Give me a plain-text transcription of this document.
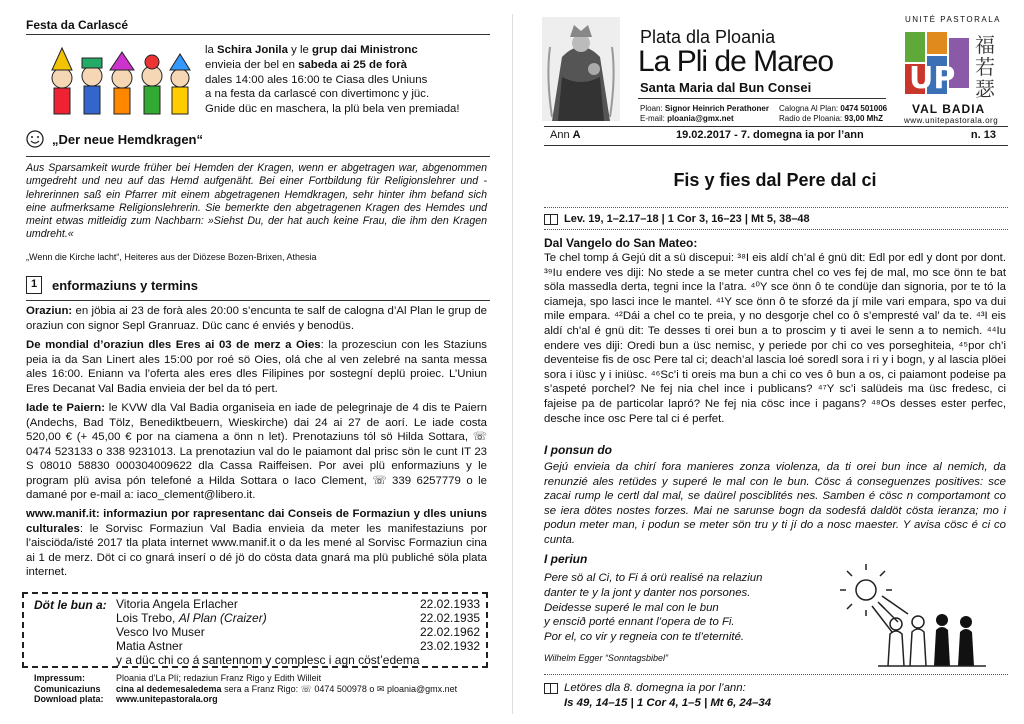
Festa da Carlascé
la Schira Jonila y le grup dai Ministronc
envieia der bel en sabeda ai 25 de forà
dales 14:00 ales 16:00 te Ciasa dles Uniuns
a na festa da carlascé con divertimonc y jüc.
Gnide düc en maschera, la plü bela ven premiada!
„Der neue Hemdkragen“
Aus Sparsamkeit wurde früher bei Hemden der Kragen, wenn er abgetragen war, abgenommen umgedreht und neu auf das Hemd aufgenäht. Bei einer Fortbildung für Religionslehrer und -lehrerinnen saß ein Pfarrer mit einem abgetragenen Hemdkragen, sehr hinter ihm befand sich eine aufmerksame Religionslehrerin. Sie bemerkte den abgetragenen Kragen des Hemdes und meint etwas mitleidig zum Nachbarn: »Siehst Du, der hat auch keine Frau, die ihm den Kragen umdreht.«
„Wenn die Kirche lacht“, Heiteres aus der Diözese Bozen-Brixen, Athesia
1	enformaziuns y termins
Oraziun: en jöbia ai 23 de forà ales 20:00 s’encunta te salf de calogna d’Al Plan le grup de oraziun con signor Sepl Granruaz. Düc canc é enviés y benodüs.
De mondial d’oraziun dles Eres ai 03 de merz a Oies: la prozesciun con les Staziuns peia ia da San Linert ales 15:00 por roé sö Oies, olá che al ven zelebré na santa messa ales 16:00. Eniann va l’oferta ales eres dles Filipines por sostegní deplü proiec. L’Uniun Eres Decanat Val Badia envieia der bel da tó pert.
Iade te Paiern: le KVW dla Val Badia organiseia en iade de pelegrinaje de 4 dis te Paiern (Andechs, Bad Tölz, Benediktbeuern, Wieskirche) dai 24 ai 27 de aorí. Le iade costa 520,00 € (+ 45,00 € por na ciamena a önn n let). Prenotaziuns tól sö Hilda Sottara, ☏ 0474 523133 o 338 9231013. La prenotaziun val do le paiamont dal prisc sön le cunt IT 23 S 08010 58830 000304009622 dla Cassa Raiffeisen. Por avei plü enformaziuns y le program plü avisa pón telefoné a Hilda Sottara o Iaco Clement, ☏ 339 6257779 o le damané por e-mail a: iaco_clement@libero.it.
www.manif.it: informaziun por rapresentanc dai Conseis de Formaziun y dles uniuns culturales: le Sorvisc Formaziun Val Badia envieia da meter les manifestaziuns por l’aisciöda/isté 2017 tla plata internet www.manif.it o da les mené al Sorvisc Formaziun cina ai 1 de merz. Döt ci co gnará inserí o dé jö do cösta data gnará ma plü publiché söla plata internet.
Döt le bun a: Vitoria Angela Erlacher	22.02.1933
Lois Trebo, Al Plan (Craizer)	22.02.1935
Vesco Ivo Muser	22.02.1962
Matia Astner	23.02.1932
y a düc chi co á santennom y complesc i agn cöst’edema
Impressum:	Ploania d’La Plí; redaziun Franz Rigo y Edith Willeit
Comunicaziuns cina al dedemesaledema sera a Franz Rigo: ☏ 0474 500978 o ✉ ploania@gmx.net
Download plata: www.unitepastorala.org
Plata dla Ploania
La Pli de Mareo
Santa Maria dal Bun Consei
Ploan: Signor Heinrich Perathoner
E-mail: ploania@gmx.net
Calogna Al Plan: 0474 501006
Radio de Ploania: 93,00 MhZ
UNITÉ PASTORALA
UP
福
若
瑟
VAL BADIA
www.unitepastorala.org
Ann A	19.02.2017 - 7. domegna ia por l’ann	n. 13
Fis y fies dal Pere dal ci
Lev. 19, 1–2.17–18 | 1 Cor 3, 16–23 | Mt 5, 38–48
Dal Vangelo do San Mateo:
Te chel tomp á Gejú dit a sü discepui: ³⁸I eis aldí ch’al é gnü dit: Edl por edl y dont por dont. ³⁹Iu endere ves diji: No stede a se meter cuntra chel co ves fej de mal, mo sce önn te bat söla massedla derta, tegni ince la l’atra. ⁴⁰Y sce önn ô te condüje dan signoria, por te tó la ciameja, spo lasci ince le mantel. ⁴¹Y sce önn ô te sforzé da jí mile vari empara, spo va dui mile empara. ⁴²Dái a chel co te preia, y no desgorje chel co ô s’empresté val’ da te. ⁴³I eis aldí ch’al é gnü dit: Te desses ti orei bun a to proscim y ti avei le senn a to nemich. ⁴⁴Iu endere ves diji: Oredi bun a üsc nemisc, y periede por chi co ves porseghiteia, ⁴⁵por ch’i deventeise fis de osc Pere tal ci; deach’al lascia loé soredl sora i ri y i bogn, y al lascia plöei sora i iüsc y i iniüsc. ⁴⁶Sc’i ti oreis ma bun a chi co ves ô bun a os, ci paiamont podeise pa s’aspeté porchel? Ne fej nia chel ince i publicans? ⁴⁷Y sc’i salüdeis ma üsc fredesc, ci fajeise pa de particolar lapró? Ne fej nia cösc ince i pagans? ⁴⁸Os desses ester perfec, desche ince osc Pere tal ci é perfet.
I ponsun do
Gejú envieia da chirí fora manieres zonza violenza, da ti orei bun ince al nemich, da renunzié ales retüdes y superé le mal con le bun. Cösc á conseguenzes positives: sce zacai rump le certl dal mal, se daürel posciblités nes. Samben é cösc n comportamont co se iera dötes nostes forzes. Mai ne sarunse bogn da sodesfá daldöt cösta ieranza; mo i podun meter man, i podun se meter sön tru y ti jí do a nosc maester. Y avisa cösc é ci co cunta.
I periun
Pere sö al Ci, to Fi á orü realisé na relaziun
danter te y la jont y danter nos porsones.
Deidesse superé le mal con le bun
y enscið porté ennant l’opera de to Fi.
Por el, co vir y regneia con te tl’eternité.
Wilhelm Egger “Sonntagsbibel”
Letöres dla 8. domegna ia por l’ann:
Is 49, 14–15 | 1 Cor 4, 1–5 | Mt 6, 24–34
